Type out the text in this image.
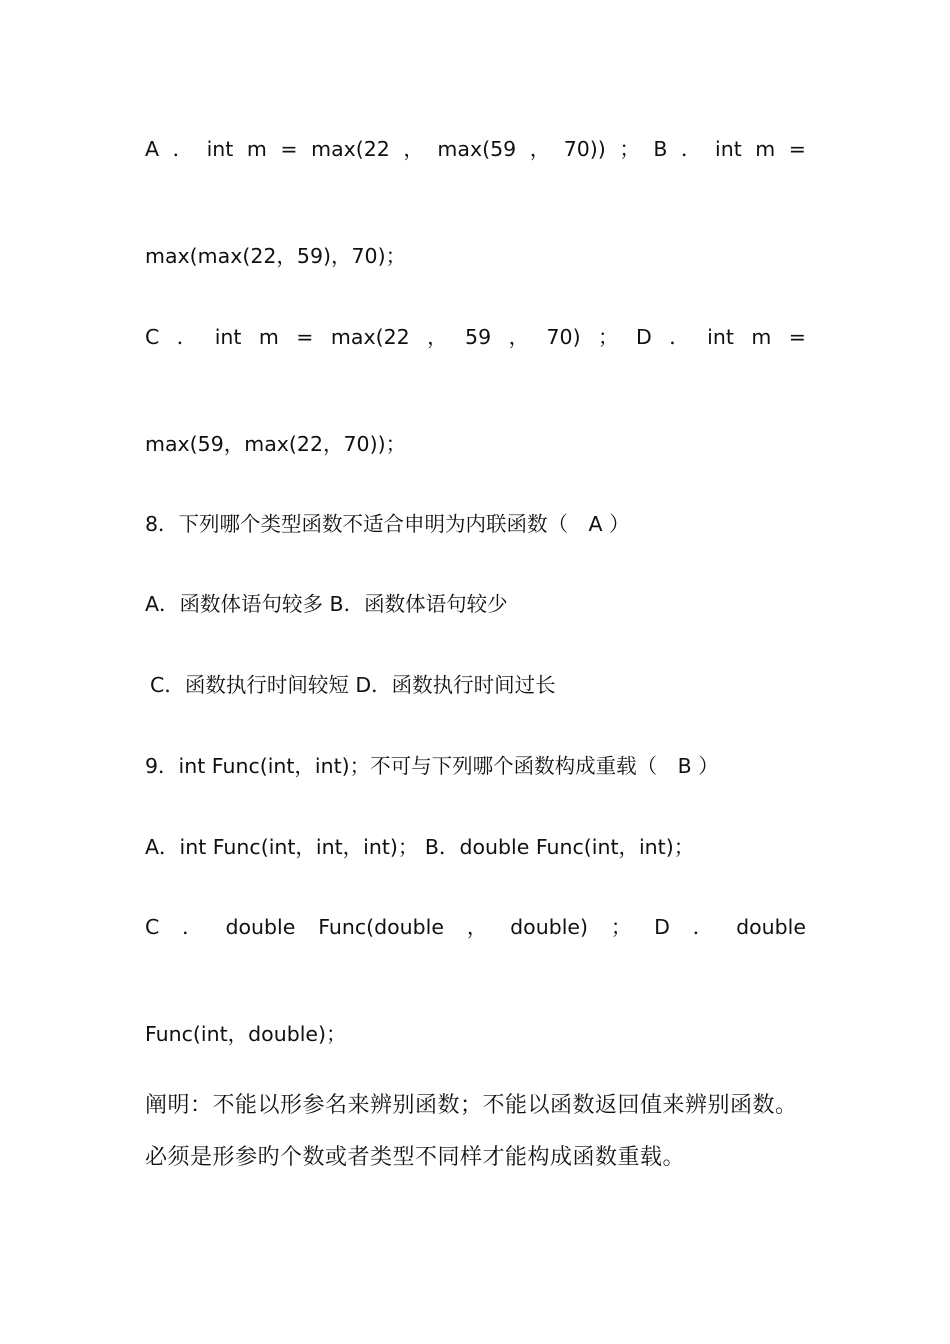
A ． int m = max(22 ， max(59 ， 70)) ； B ． int m =
max(max(22，59)，70)；
C ． int m = max(22 ， 59 ， 70) ； D ． int m =
max(59，max(22，70))；
8．下列哪个类型函数不适合申明为内联函数（　A ）
A．函数体语句较多 B．函数体语句较少
C．函数执行时间较短 D．函数执行时间过长
9．int Func(int，int)；不可与下列哪个函数构成重载（　B ）
A．int Func(int，int，int)； B．double Func(int，int)；
C ． double Func(double ， double) ； D ． double
Func(int，double)；
阐明：不能以形参名来辨别函数；不能以函数返回值来辨别函数。必须是形参旳个数或者类型不同样才能构成函数重载。
